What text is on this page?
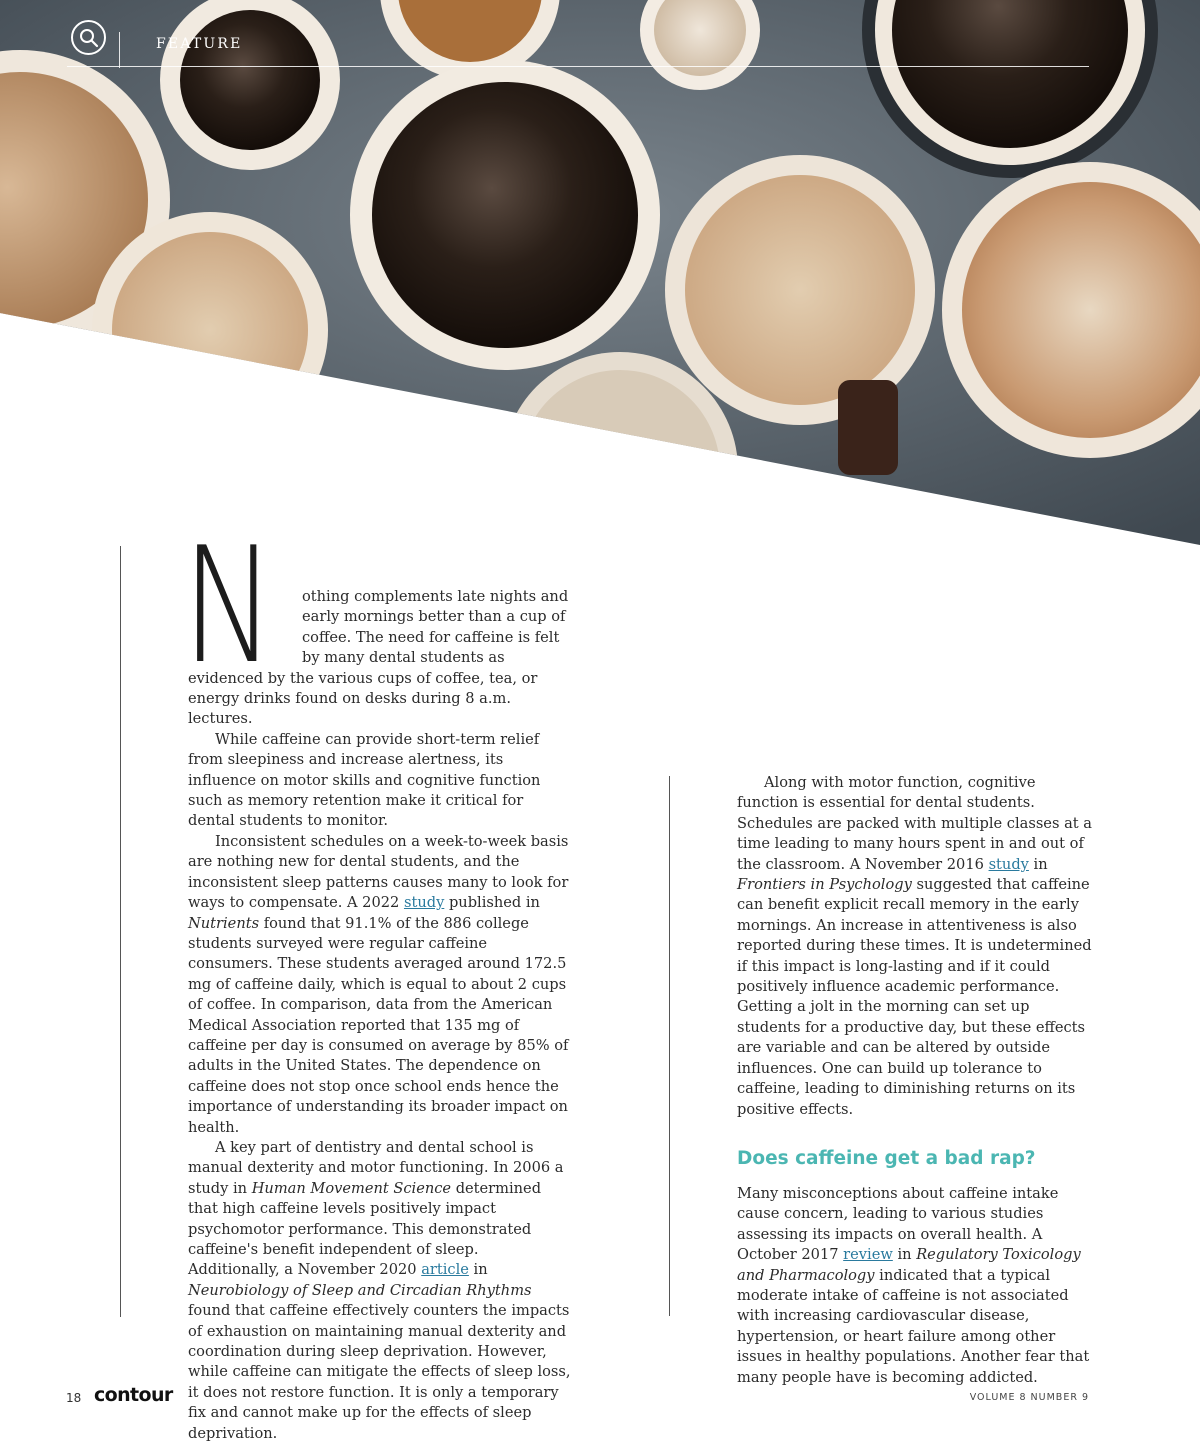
FEATURE

N othing complements late nights and early mornings better than a cup of coffee. The need for caffeine is felt by many dental students as evidenced by the various cups of coffee, tea, or energy drinks found on desks during 8 a.m. lectures.

While caffeine can provide short-term relief from sleepiness and increase alertness, its influence on motor skills and cognitive function such as memory retention make it critical for dental students to monitor.

Inconsistent schedules on a week-to-week basis are nothing new for dental students, and the inconsistent sleep patterns causes many to look for ways to compensate. A 2022 study published in Nutrients found that 91.1% of the 886 college students surveyed were regular caffeine consumers. These students averaged around 172.5 mg of caffeine daily, which is equal to about 2 cups of coffee. In comparison, data from the American Medical Association reported that 135 mg of caffeine per day is consumed on average by 85% of adults in the United States. The dependence on caffeine does not stop once school ends hence the importance of understanding its broader impact on health.

A key part of dentistry and dental school is manual dexterity and motor functioning. In 2006 a study in Human Movement Science determined that high caffeine levels positively impact psychomotor performance. This demonstrated caffeine's benefit independent of sleep. Additionally, a November 2020 article in Neurobiology of Sleep and Circadian Rhythms found that caffeine effectively counters the impacts of exhaustion on maintaining manual dexterity and coordination during sleep deprivation. However, while caffeine can mitigate the effects of sleep loss, it does not restore function. It is only a temporary fix and cannot make up for the effects of sleep deprivation.

Along with motor function, cognitive function is essential for dental students. Schedules are packed with multiple classes at a time leading to many hours spent in and out of the classroom. A November 2016 study in Frontiers in Psychology suggested that caffeine can benefit explicit recall memory in the early mornings. An increase in attentiveness is also reported during these times. It is undetermined if this impact is long-lasting and if it could positively influence academic performance. Getting a jolt in the morning can set up students for a productive day, but these effects are variable and can be altered by outside influences. One can build up tolerance to caffeine, leading to diminishing returns on its positive effects.

Does caffeine get a bad rap?

Many misconceptions about caffeine intake cause concern, leading to various studies assessing its impacts on overall health. A October 2017 review in Regulatory Toxicology and Pharmacology indicated that a typical moderate intake of caffeine is not associated with increasing cardiovascular disease, hypertension, or heart failure among other issues in healthy populations. Another fear that many people have is becoming addicted.

18 contour	VOLUME 8 NUMBER 9
